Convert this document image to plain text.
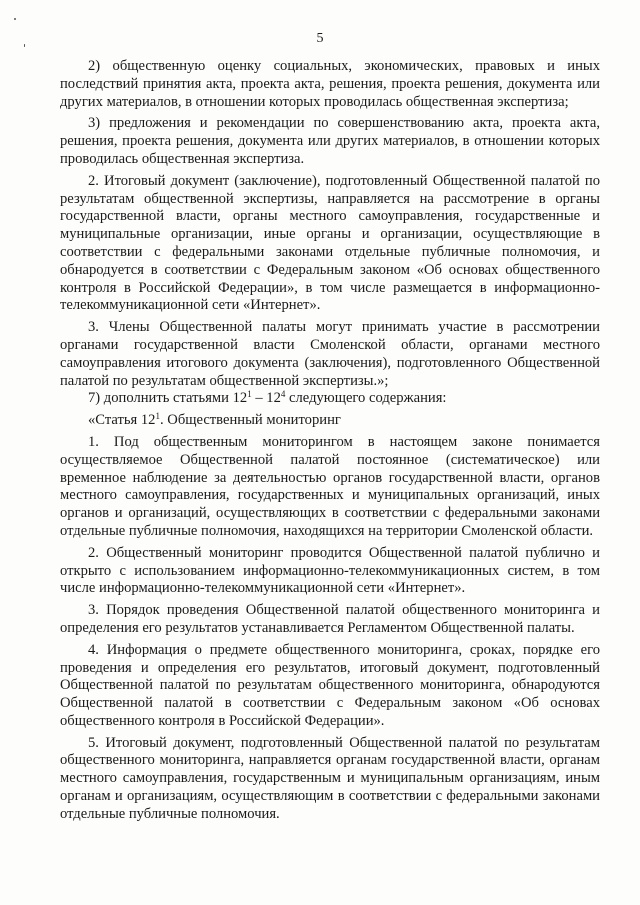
5

2) общественную оценку социальных, экономических, правовых и иных последствий принятия акта, проекта акта, решения, проекта решения, документа или других материалов, в отношении которых проводилась общественная экспертиза;

3) предложения и рекомендации по совершенствованию акта, проекта акта, решения, проекта решения, документа или других материалов, в отношении которых проводилась общественная экспертиза.

2. Итоговый документ (заключение), подготовленный Общественной палатой по результатам общественной экспертизы, направляется на рассмотрение в органы государственной власти, органы местного самоуправления, государственные и муниципальные организации, иные органы и организации, осуществляющие в соответствии с федеральными законами отдельные публичные полномочия, и обнародуется в соответствии с Федеральным законом «Об основах общественного контроля в Российской Федерации», в том числе размещается в информационно-телекоммуникационной сети «Интернет».

3. Члены Общественной палаты могут принимать участие в рассмотрении органами государственной власти Смоленской области, органами местного самоуправления итогового документа (заключения), подготовленного Общественной палатой по результатам общественной экспертизы.»;

7) дополнить статьями $12^1 - 12^4$ следующего содержания:

«Статья $12^1$. Общественный мониторинг

1. Под общественным мониторингом в настоящем законе понимается осуществляемое Общественной палатой постоянное (систематическое) или временное наблюдение за деятельностью органов государственной власти, органов местного самоуправления, государственных и муниципальных организаций, иных органов и организаций, осуществляющих в соответствии с федеральными законами отдельные публичные полномочия, находящихся на территории Смоленской области.

2. Общественный мониторинг проводится Общественной палатой публично и открыто с использованием информационно-телекоммуникационных систем, в том числе информационно-телекоммуникационной сети «Интернет».

3. Порядок проведения Общественной палатой общественного мониторинга и определения его результатов устанавливается Регламентом Общественной палаты.

4. Информация о предмете общественного мониторинга, сроках, порядке его проведения и определения его результатов, итоговый документ, подготовленный Общественной палатой по результатам общественного мониторинга, обнародуются Общественной палатой в соответствии с Федеральным законом «Об основах общественного контроля в Российской Федерации».

5. Итоговый документ, подготовленный Общественной палатой по результатам общественного мониторинга, направляется органам государственной власти, органам местного самоуправления, государственным и муниципальным организациям, иным органам и организациям, осуществляющим в соответствии с федеральными законами отдельные публичные полномочия.
